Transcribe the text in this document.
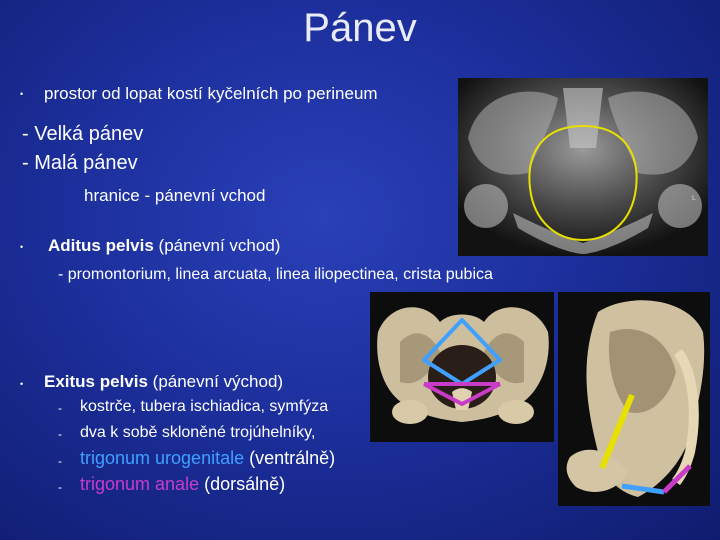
Pánev
• prostor od lopat kostí kyčelních po perineum
- Velká pánev
- Malá pánev
hranice - pánevní vchod
• Aditus pelvis (pánevní vchod)
- promontorium, linea arcuata, linea iliopectinea, crista pubica
• Exitus pelvis (pánevní východ)
- kostrče, tubera ischiadica, symfýza
- dva k sobě skloněné trojúhelníky,
- trigonum urogenitale (ventrálně)
- trigonum anale (dorsálně)
L
